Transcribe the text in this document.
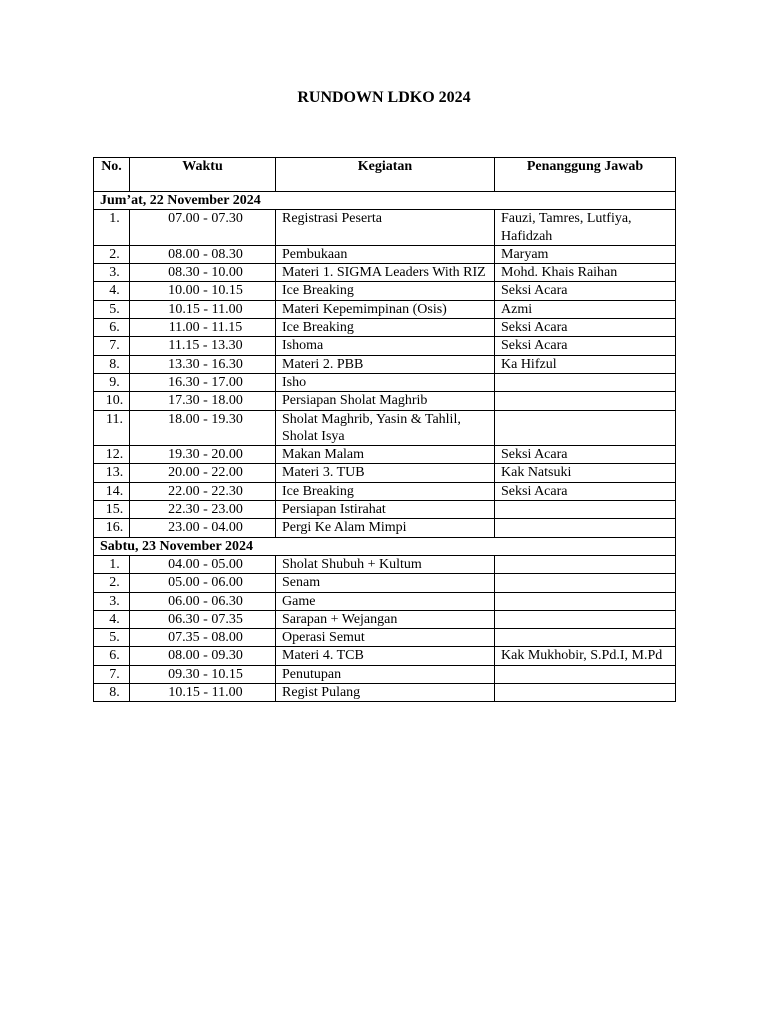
RUNDOWN LDKO 2024
No.	Waktu	Kegiatan	Penanggung Jawab
Jum’at, 22 November 2024			
1.	07.00 - 07.30	Registrasi Peserta	Fauzi, Tamres, Lutfiya, Hafidzah
2.	08.00 - 08.30	Pembukaan	Maryam
3.	08.30 - 10.00	Materi 1. SIGMA Leaders With RIZ	Mohd. Khais Raihan
4.	10.00 - 10.15	Ice Breaking	Seksi Acara
5.	10.15 - 11.00	Materi Kepemimpinan (Osis)	Azmi
6.	11.00 - 11.15	Ice Breaking	Seksi Acara
7.	11.15 - 13.30	Ishoma	Seksi Acara
8.	13.30 - 16.30	Materi 2. PBB	Ka Hifzul
9.	16.30 - 17.00	Isho	
10.	17.30 - 18.00	Persiapan Sholat Maghrib	
11.	18.00 - 19.30	Sholat Maghrib, Yasin & Tahlil, Sholat Isya	
12.	19.30 - 20.00	Makan Malam	Seksi Acara
13.	20.00 - 22.00	Materi 3. TUB	Kak Natsuki
14.	22.00 - 22.30	Ice Breaking	Seksi Acara
15.	22.30 - 23.00	Persiapan Istirahat	
16.	23.00 - 04.00	Pergi Ke Alam Mimpi	
Sabtu, 23 November 2024			
1.	04.00 - 05.00	Sholat Shubuh + Kultum	
2.	05.00 - 06.00	Senam	
3.	06.00 - 06.30	Game	
4.	06.30 - 07.35	Sarapan + Wejangan	
5.	07.35 - 08.00	Operasi Semut	
6.	08.00 - 09.30	Materi 4. TCB	Kak Mukhobir, S.Pd.I, M.Pd
7.	09.30 - 10.15	Penutupan	
8.	10.15 - 11.00	Regist Pulang	
